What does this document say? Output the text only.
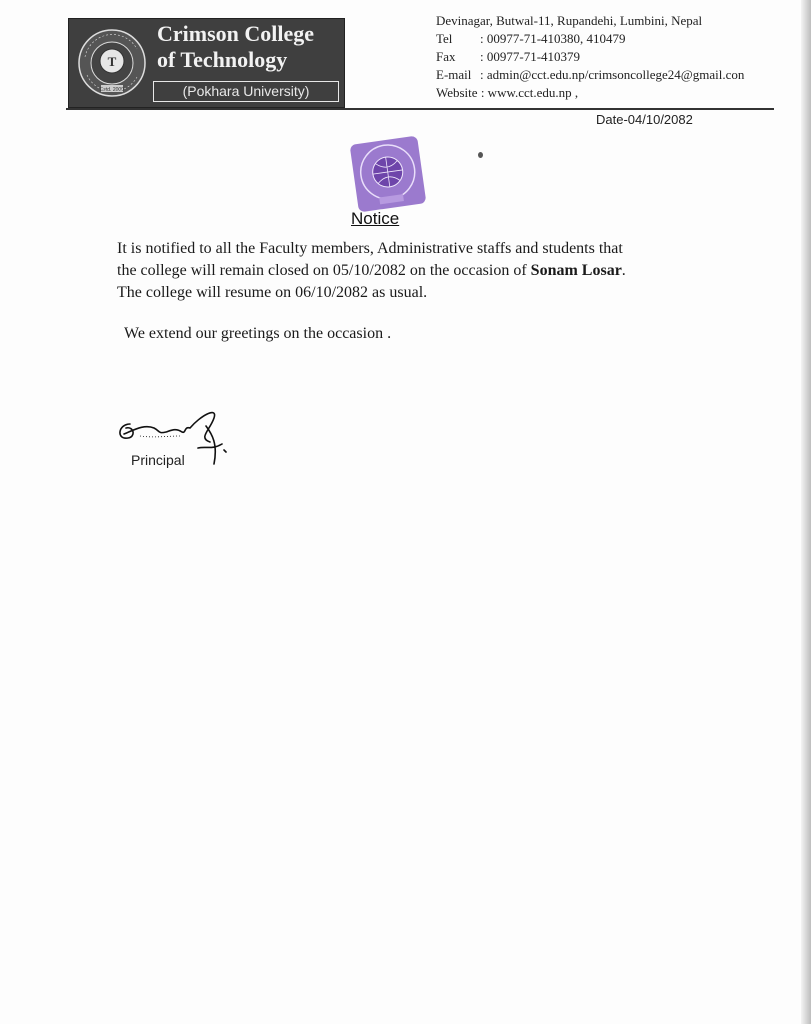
T
Estd. 2000
Crimson College
of Technology
(Pokhara University)
Devinagar, Butwal-11, Rupandehi, Lumbini, Nepal
Tel : 00977-71-410380, 410479
Fax : 00977-71-410379
E-mail : admin@cct.edu.np/crimsoncollege24@gmail.con
Website : www.cct.edu.np ,
Date-04/10/2082
Notice
It is notified to all the Faculty members, Administrative staffs and students that
the college will remain closed on 05/10/2082 on the occasion of Sonam Losar.
The college will resume on 06/10/2082 as usual.
We extend our greetings on the occasion .
Principal
